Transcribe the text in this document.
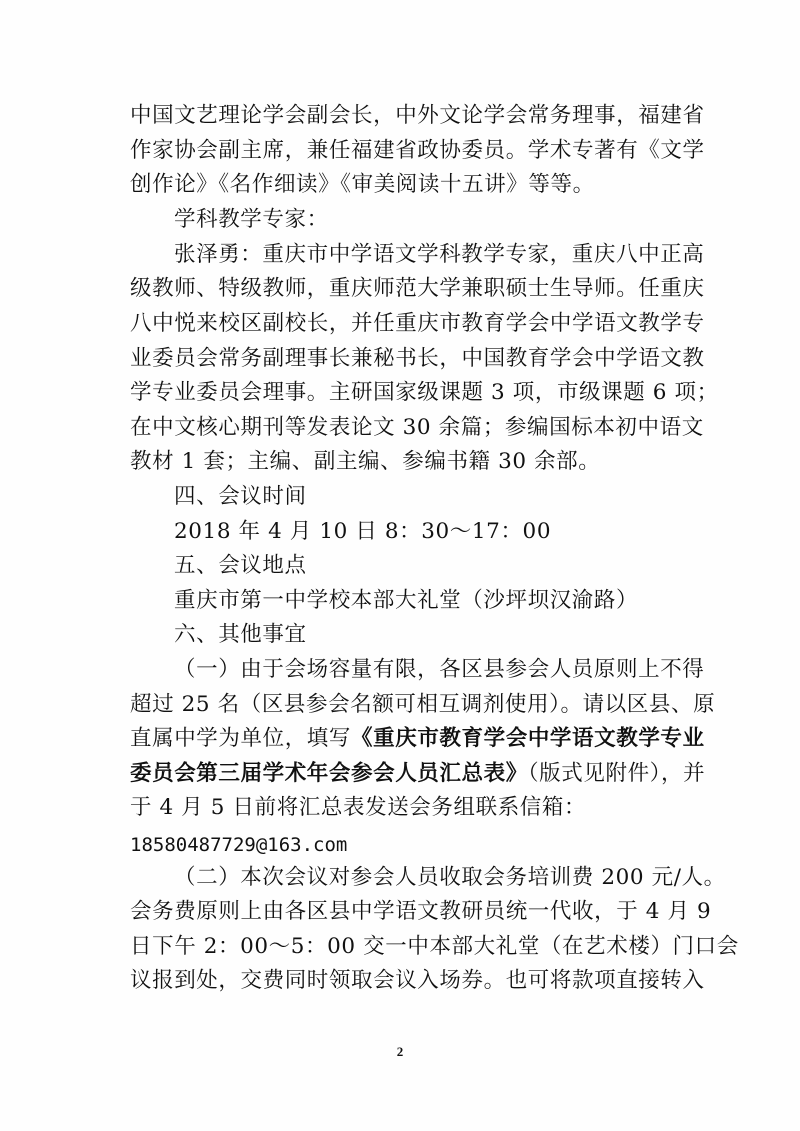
中国文艺理论学会副会长，中外文论学会常务理事，福建省
作家协会副主席，兼任福建省政协委员。学术专著有《文学
创作论》《名作细读》《审美阅读十五讲》等等。
学科教学专家：
张泽勇：重庆市中学语文学科教学专家，重庆八中正高
级教师、特级教师，重庆师范大学兼职硕士生导师。任重庆
八中悦来校区副校长，并任重庆市教育学会中学语文教学专
业委员会常务副理事长兼秘书长，中国教育学会中学语文教
学专业委员会理事。主研国家级课题 3 项，市级课题 6 项；
在中文核心期刊等发表论文 30 余篇；参编国标本初中语文
教材 1 套；主编、副主编、参编书籍 30 余部。
四、会议时间
2018 年 4 月 10 日 8：30～17：00
五、会议地点
重庆市第一中学校本部大礼堂（沙坪坝汉渝路）
六、其他事宜
（一）由于会场容量有限，各区县参会人员原则上不得
超过 25 名（区县参会名额可相互调剂使用）。请以区县、原
直属中学为单位，填写《重庆市教育学会中学语文教学专业
委员会第三届学术年会参会人员汇总表》（版式见附件），并
于 4 月 5 日前将汇总表发送会务组联系信箱：
18580487729@163.com
（二）本次会议对参会人员收取会务培训费 200 元/人。
会务费原则上由各区县中学语文教研员统一代收，于 4 月 9
日下午 2：00～5：00 交一中本部大礼堂（在艺术楼）门口会
议报到处，交费同时领取会议入场券。也可将款项直接转入
2
